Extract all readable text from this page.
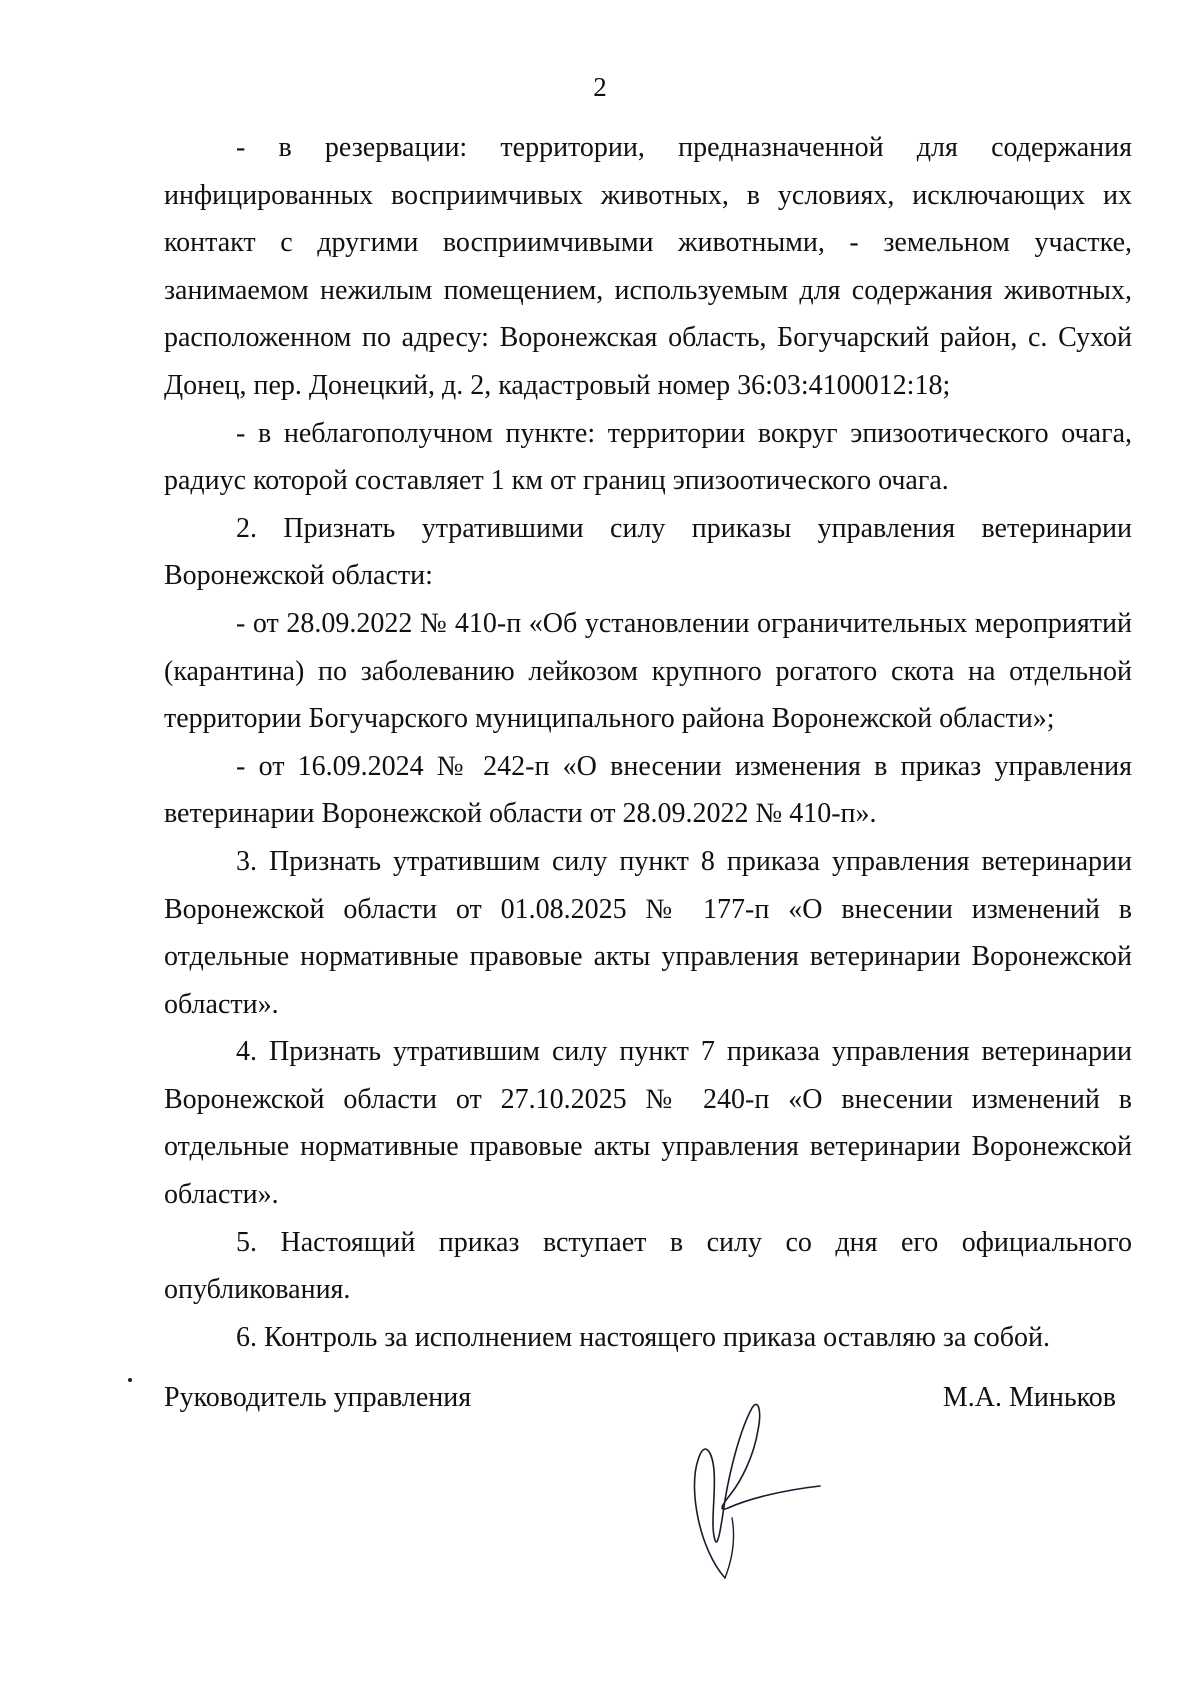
2

- в резервации: территории, предназначенной для содержания инфицированных восприимчивых животных, в условиях, исключающих их контакт с другими восприимчивыми животными, - земельном участке, занимаемом нежилым помещением, используемым для содержания животных, расположенном по адресу: Воронежская область, Богучарский район, с. Сухой Донец, пер. Донецкий, д. 2, кадастровый номер 36:03:4100012:18;

- в неблагополучном пункте: территории вокруг эпизоотического очага, радиус которой составляет 1 км от границ эпизоотического очага.

2. Признать утратившими силу приказы управления ветеринарии Воронежской области:

- от 28.09.2022 № 410-п «Об установлении ограничительных мероприятий (карантина) по заболеванию лейкозом крупного рогатого скота на отдельной территории Богучарского муниципального района Воронежской области»;

- от 16.09.2024 № 242-п «О внесении изменения в приказ управления ветеринарии Воронежской области от 28.09.2022 № 410-п».

3. Признать утратившим силу пункт 8 приказа управления ветеринарии Воронежской области от 01.08.2025 № 177-п «О внесении изменений в отдельные нормативные правовые акты управления ветеринарии Воронежской области».

4. Признать утратившим силу пункт 7 приказа управления ветеринарии Воронежской области от 27.10.2025 № 240-п «О внесении изменений в отдельные нормативные правовые акты управления ветеринарии Воронежской области».

5. Настоящий приказ вступает в силу со дня его официального опубликования.

6. Контроль за исполнением настоящего приказа оставляю за собой.

Руководитель управления	М.А. Миньков
